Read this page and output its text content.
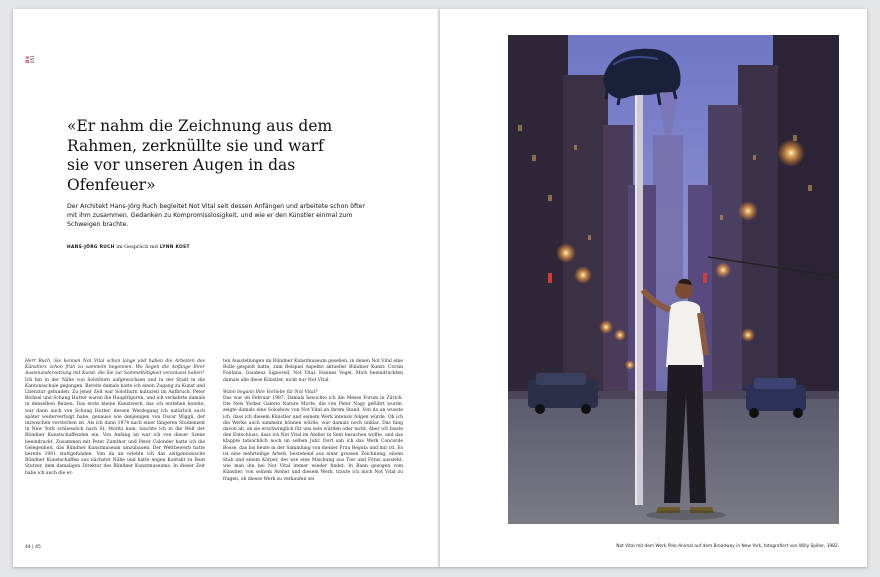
D® 051
«Er nahm die Zeichnung aus dem Rahmen, zerknüllte sie und warf sie vor unseren Augen in das Ofenfeuer»

Der Architekt Hans-Jörg Ruch begleitet Not Vital seit dessen Anfängen und arbeitete schon öfter mit ihm zusammen. Gedanken zu Kompromisslosigkeit, und wie er den Künstler einmal zum Schweigen brachte.

HANS-JÖRG RUCH im Gespräch mit LYNN KOST

Herr Ruch, Sie kennen Not Vital schon lange und haben die Arbeiten des Künstlers schon früh zu sammeln begonnen. Wo liegen die Anfänge Ihrer Auseinandersetzung mit Kunst, die Sie zur Sammeltätigkeit veranlasst haben?

Ich bin in der Nähe von Solothurn aufgewachsen und in der Stadt in die Kantonsschule gegangen. Bereits damals hatte ich einen Zugang zu Kunst und Literatur gefunden. Zu jener Zeit war Solothurn kulturell im Aufbruch. Peter Bichsel und Schang Hutter waren die Hauptfiguren, und ich verkehrte damals in denselben Beizen. Das erste kleine Kunstwerk, das ich erstehen konnte, war dann auch von Schang Hutter, dessen Werdegang ich natürlich auch später weiterverfolgt habe, genauso wie denjenigen von Oscar Wiggli, der inzwischen verstorben ist. Als ich dann 1974 nach einer längeren Studienzeit in New York schliesslich nach St. Moritz kam, tauchte ich in die Welt der Bündner Kunstschaffenden ein. Von Anfang an war ich von dieser Szene beeindruckt. Zusammen mit Peter Zumthor und Peter Calonder hatte ich die Gelegenheit, das Bündner Kunstmuseum umzubauen. Der Wettbewerb hatte bereits 1981 stattgefunden. Von da an erlebte ich das zeitgenössische Bündner Kunstschaffen aus nächster Nähe und hatte engen Kontakt zu Beat Stutzer, dem damaligen Direktor des Bündner Kunstmuseums. In dieser Zeit habe ich auch die er-

ten Ausstellungen im Bündner Kunstmuseum gesehen, in denen Not Vital eine Rolle gespielt hatte, zum Beispiel Aspekte aktueller Bündner Kunst: Corsin Fontana, Gaudenz Signorell, Not Vital, Hannes Vogel. Mich beeindruckten damals alle diese Künstler, nicht nur Not Vital.

Wann begann Ihre Vorliebe für Not Vital?

Das war im Februar 1987. Damals besuchte ich die Messe Forum in Zürich. Die New Yorker Galerie Nature Morte, die von Peter Nagy geführt wurde, zeigte damals eine Soloshow von Not Vital an ihrem Stand. Von da an wusste ich, dass ich diesem Künstler und seinem Werk intensiv folgen würde. Ob ich die Werke auch sammeln können würde, war damals noch unklar. Das hing davon ab, ob sie erschwinglich für uns sein würden oder nicht. Aber ich fasste den Entschluss, dass ich Not Vital im Atelier in Sent besuchen wollte, und das klappte tatsächlich noch im selben Jahr. Dort sah ich das Werk Concorde Bosse, das bis heute in der Sammlung von meiner Frau Regula und mir ist. Es ist eine mehrteilige Arbeit, bestehend aus einer grossen Zeichnung, einem Stab und einem Körper, der wie eine Mischung aus Tier und Fötus aussieht, wie man ihn bei Not Vital immer wieder findet. In Bann gezogen vom Künstler, von seinem Atelier und diesem Werk, traute ich mich Not Vital zu fragen, ob dieses Werk zu verkaufen sei

44 | 45	Not Vital mit dem Werk Polo Animal auf dem Broadway in New York, fotografiert von Willy Spiller, 1982.
